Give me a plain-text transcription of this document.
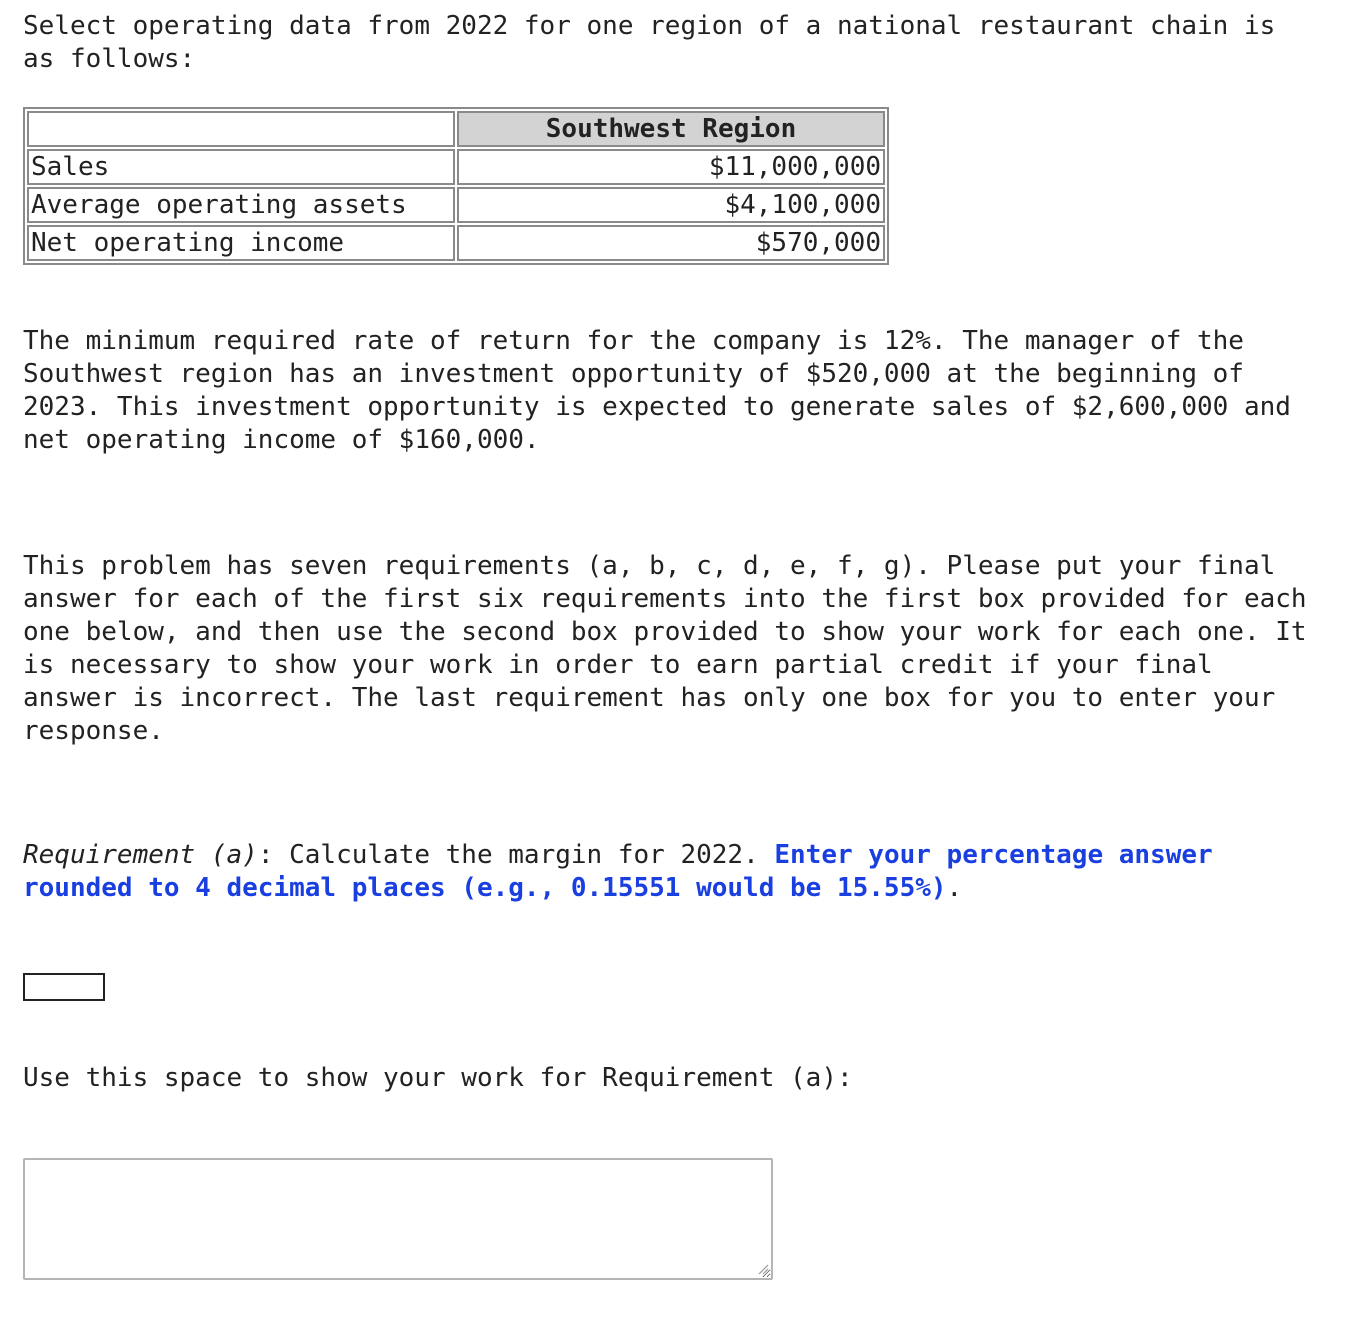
Select operating data from 2022 for one region of a national restaurant chain is
as follows:

	Southwest Region
Sales	$11,000,000
Average operating assets	$4,100,000
Net operating income	$570,000

The minimum required rate of return for the company is 12%. The manager of the
Southwest region has an investment opportunity of $520,000 at the beginning of
2023. This investment opportunity is expected to generate sales of $2,600,000 and
net operating income of $160,000.

This problem has seven requirements (a, b, c, d, e, f, g). Please put your final
answer for each of the first six requirements into the first box provided for each
one below, and then use the second box provided to show your work for each one. It
is necessary to show your work in order to earn partial credit if your final
answer is incorrect. The last requirement has only one box for you to enter your
response.

Requirement (a): Calculate the margin for 2022. Enter your percentage answer
rounded to 4 decimal places (e.g., 0.15551 would be 15.55%).

Use this space to show your work for Requirement (a):
